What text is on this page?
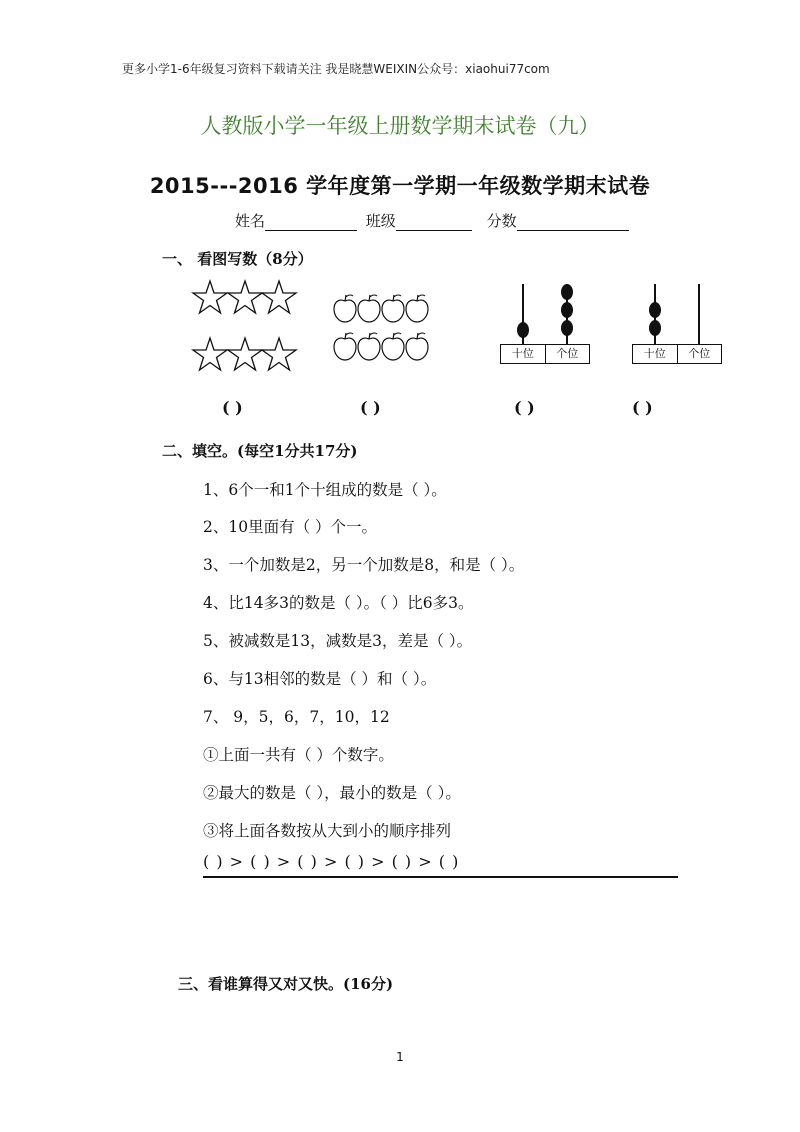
更多小学1-6年级复习资料下载请关注 我是晓慧WEIXIN公众号：xiaohui77com
人教版小学一年级上册数学期末试卷（九）
2015---2016 学年度第一学期一年级数学期末试卷
姓名	班级	分数
一、 看图写数（8分）
十位	个位	十位	个位
( )	( )	( )	( )
二、填空。(每空1分共17分)
1、6个一和1个十组成的数是（ ）。
2、10里面有（ ）个一。
3、一个加数是2，另一个加数是8，和是（ ）。
4、比14多3的数是（ ）。（ ）比6多3。
5、被减数是13，减数是3，差是（ ）。
6、与13相邻的数是（ ）和（ ）。
7、 9，5，6，7，10，12
①上面一共有（ ）个数字。
②最大的数是（ ），最小的数是（ ）。
③将上面各数按从大到小的顺序排列
( ) > ( ) > ( ) > ( ) > ( ) > ( )
三、看谁算得又对又快。(16分)
1
